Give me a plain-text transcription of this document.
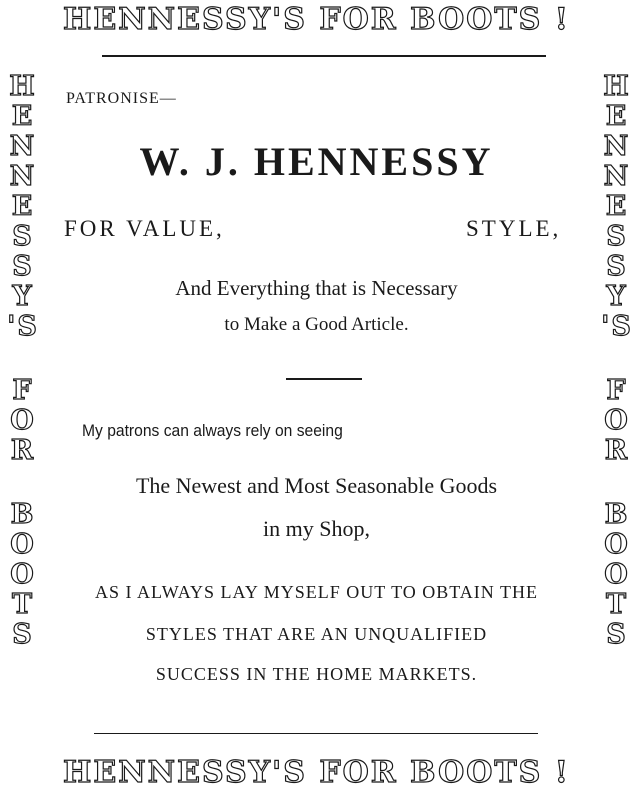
HENNESSY'S FOR BOOTS !
H
E
N
N
E
S
S
Y
'S
F
O
R
B
O
O
T
S
H
E
N
N
E
S
S
Y
'S
F
O
R
B
O
O
T
S
PATRONISE—
W. J. HENNESSY
FOR VALUE,	STYLE,
And Everything that is Necessary
to Make a Good Article.
My patrons can always rely on seeing
The Newest and Most Seasonable Goods
in my Shop,
AS I ALWAYS LAY MYSELF OUT TO OBTAIN THE
STYLES THAT ARE AN UNQUALIFIED
SUCCESS IN THE HOME MARKETS.
HENNESSY'S FOR BOOTS !
